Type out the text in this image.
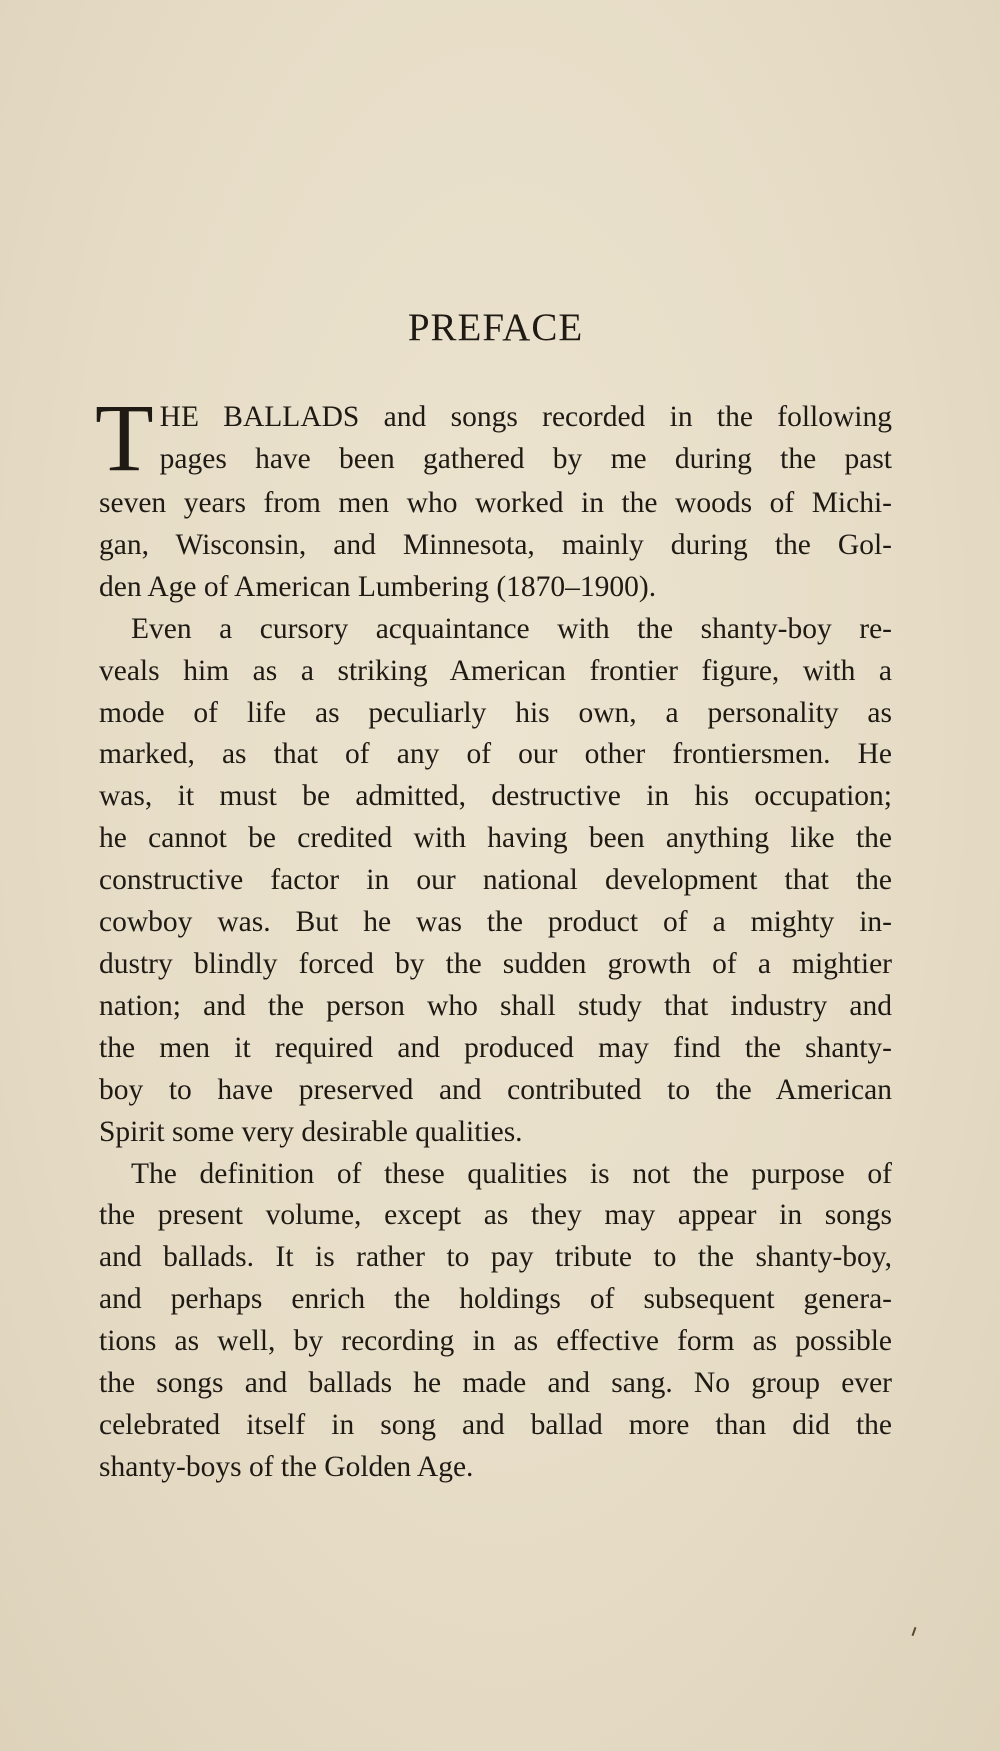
PREFACE
T HE BALLADS and songs recorded in the following
pages have been gathered by me during the past
seven years from men who worked in the woods of Michi-
gan, Wisconsin, and Minnesota, mainly during the Gol-
den Age of American Lumbering (1870–1900).
Even a cursory acquaintance with the shanty-boy re-
veals him as a striking American frontier figure, with a
mode of life as peculiarly his own, a personality as
marked, as that of any of our other frontiersmen. He
was, it must be admitted, destructive in his occupation;
he cannot be credited with having been anything like the
constructive factor in our national development that the
cowboy was. But he was the product of a mighty in-
dustry blindly forced by the sudden growth of a mightier
nation; and the person who shall study that industry and
the men it required and produced may find the shanty-
boy to have preserved and contributed to the American
Spirit some very desirable qualities.
The definition of these qualities is not the purpose of
the present volume, except as they may appear in songs
and ballads. It is rather to pay tribute to the shanty-boy,
and perhaps enrich the holdings of subsequent genera-
tions as well, by recording in as effective form as possible
the songs and ballads he made and sang. No group ever
celebrated itself in song and ballad more than did the
shanty-boys of the Golden Age.
